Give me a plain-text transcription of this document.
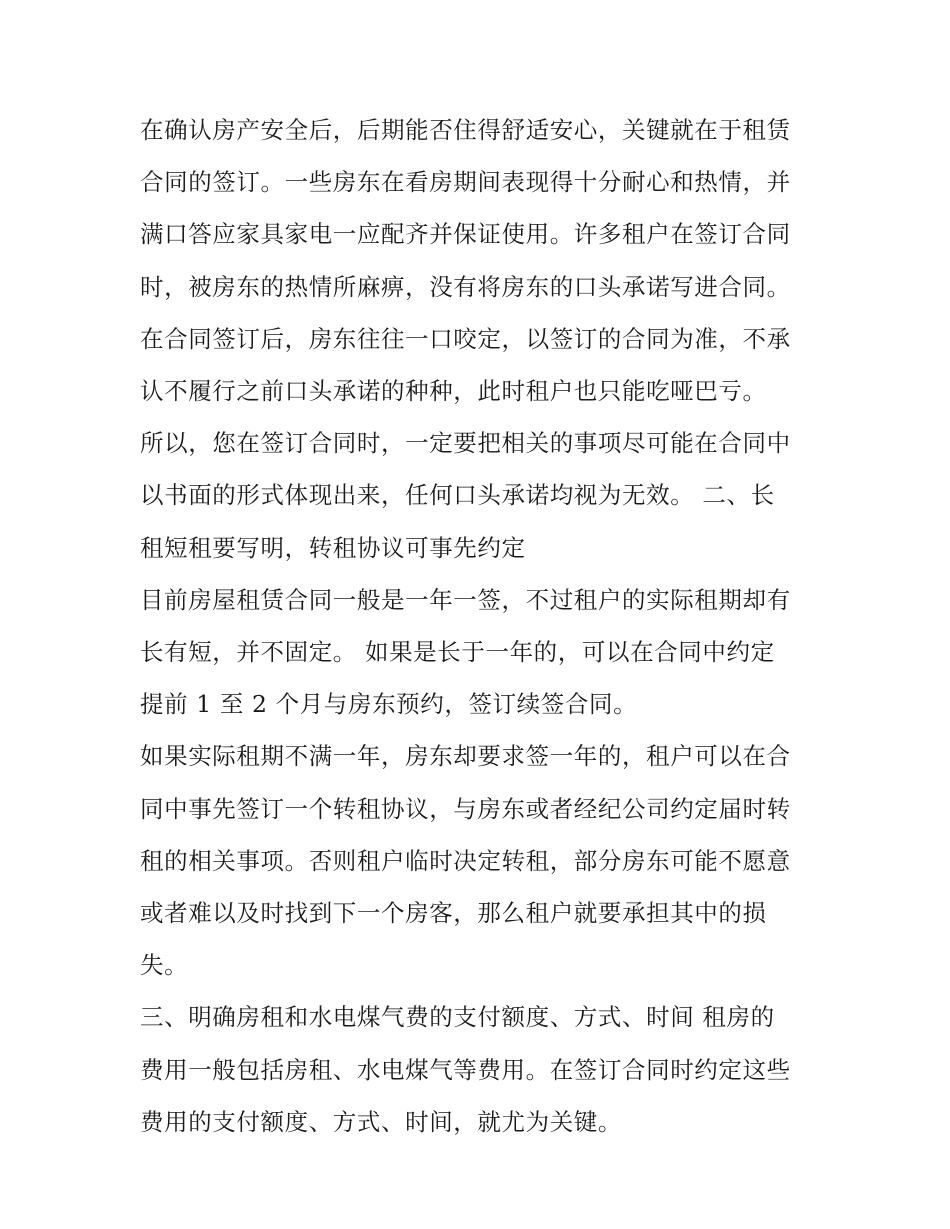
在确认房产安全后，后期能否住得舒适安心，关键就在于租赁
合同的签订。一些房东在看房期间表现得十分耐心和热情，并
满口答应家具家电一应配齐并保证使用。许多租户在签订合同
时，被房东的热情所麻痹，没有将房东的口头承诺写进合同。
在合同签订后，房东往往一口咬定，以签订的合同为准，不承
认不履行之前口头承诺的种种，此时租户也只能吃哑巴亏。

所以，您在签订合同时，一定要把相关的事项尽可能在合同中
以书面的形式体现出来，任何口头承诺均视为无效。 二、长
租短租要写明，转租协议可事先约定

目前房屋租赁合同一般是一年一签，不过租户的实际租期却有
长有短，并不固定。 如果是长于一年的，可以在合同中约定
提前 1 至 2 个月与房东预约，签订续签合同。

如果实际租期不满一年，房东却要求签一年的，租户可以在合
同中事先签订一个转租协议，与房东或者经纪公司约定届时转
租的相关事项。否则租户临时决定转租，部分房东可能不愿意
或者难以及时找到下一个房客，那么租户就要承担其中的损
失。

三、明确房租和水电煤气费的支付额度、方式、时间 租房的
费用一般包括房租、水电煤气等费用。在签订合同时约定这些
费用的支付额度、方式、时间，就尤为关键。
